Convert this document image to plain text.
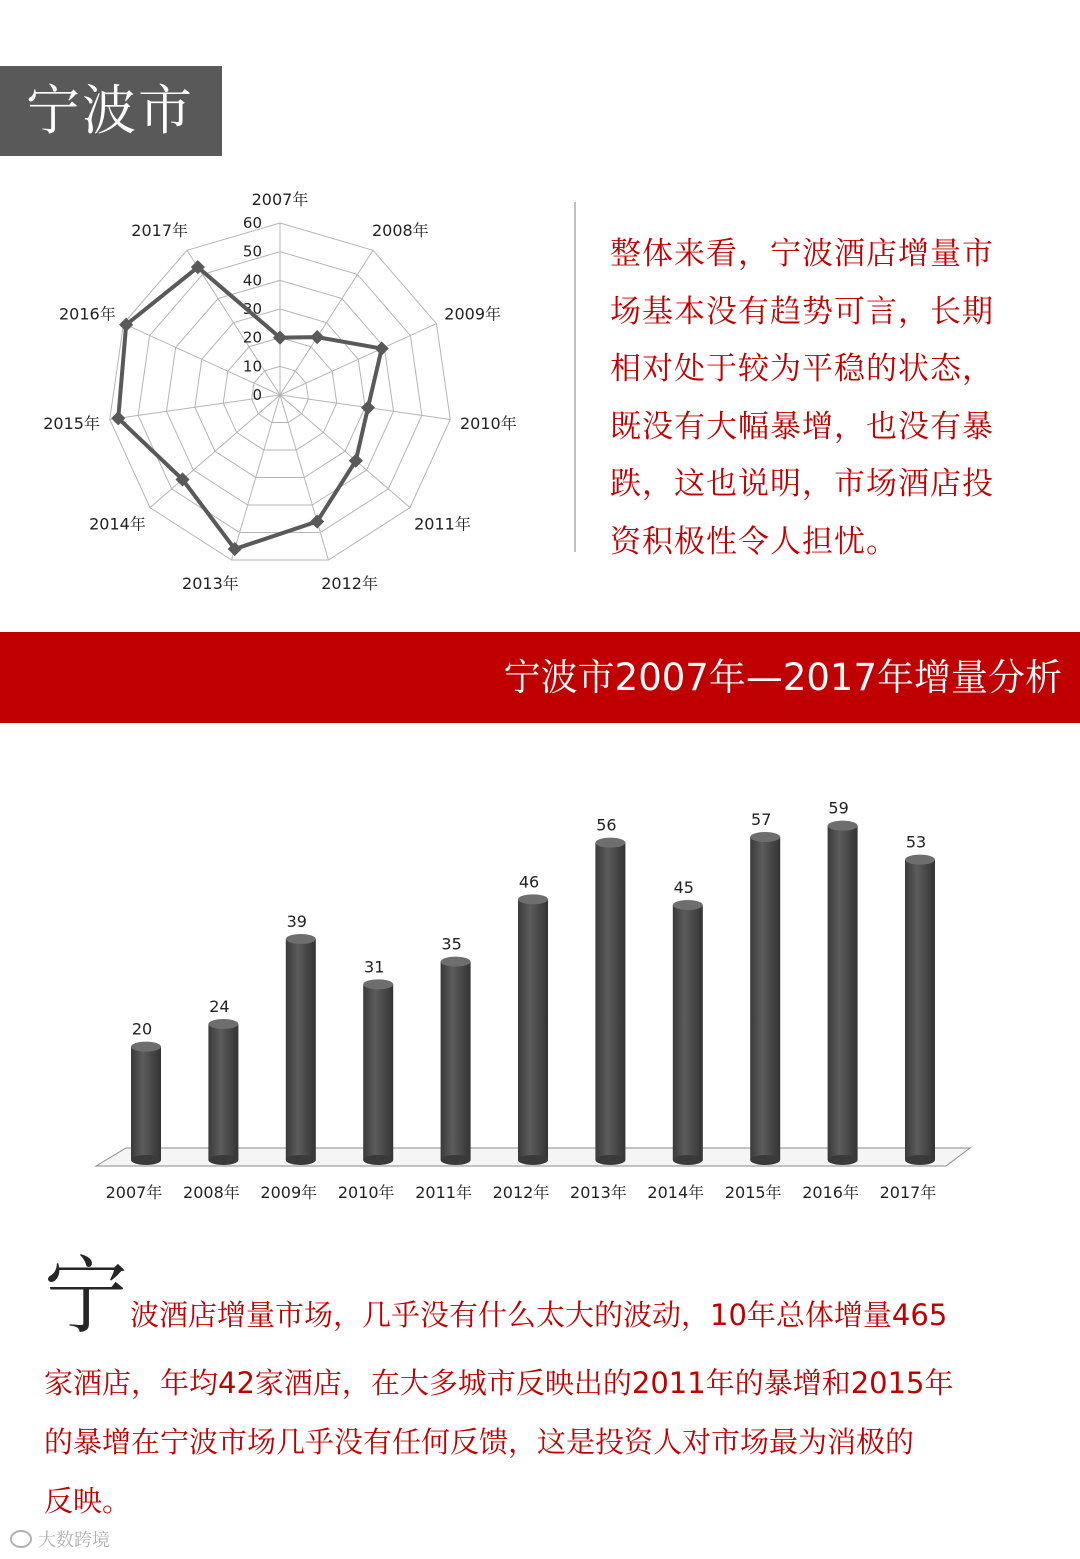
宁波市
0
10
20
30
40
50
60
2007年
2008年
2009年
2010年
2011年
2012年
2013年
2014年
2015年
2016年
2017年
整体来看，宁波酒店增量市
场基本没有趋势可言，长期
相对处于较为平稳的状态，
既没有大幅暴增，也没有暴
跌，这也说明，市场酒店投
资积极性令人担忧。
宁波市2007年—2017年增量分析
20
2007年
24
2008年
39
2009年
31
2010年
35
2011年
46
2012年
56
2013年
45
2014年
57
2015年
59
2016年
53
2017年
宁 波酒店增量市场，几乎没有什么太大的波动，10年总体增量465
家酒店，年均42家酒店，在大多城市反映出的2011年的暴增和2015年
的暴增在宁波市场几乎没有任何反馈，这是投资人对市场最为消极的
反映。
大数跨境
